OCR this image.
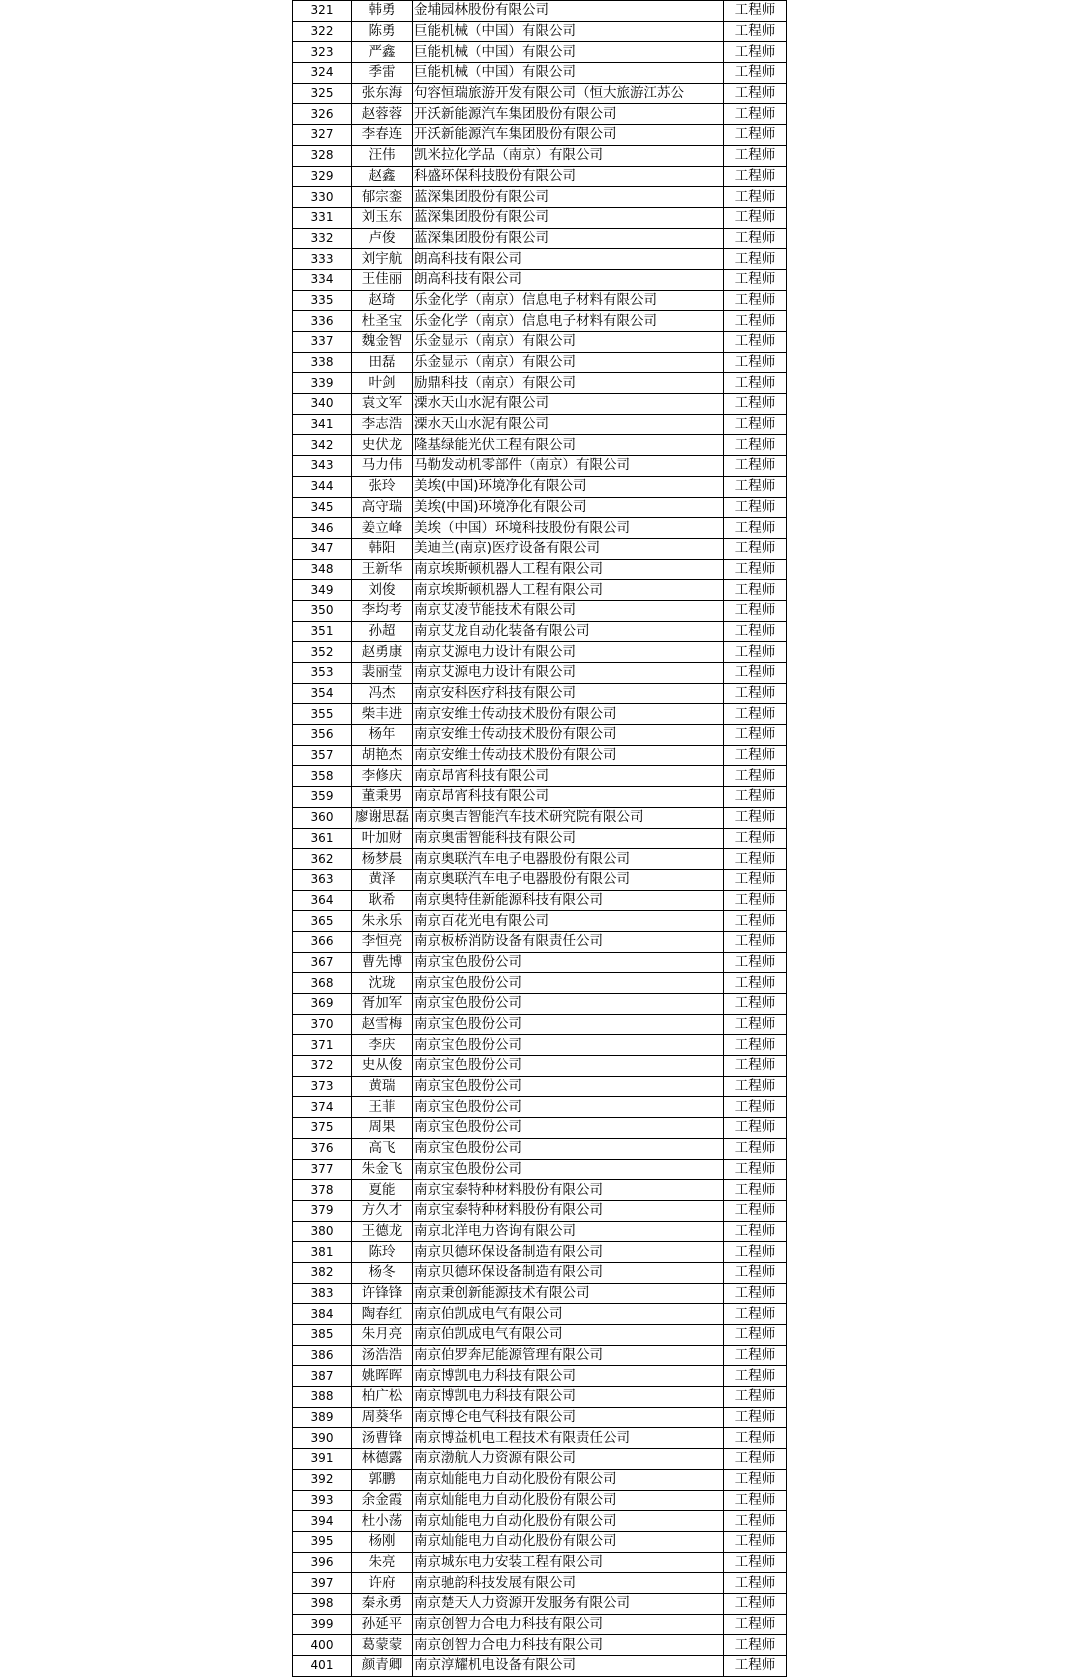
321	韩勇	金埔园林股份有限公司	工程师
322	陈勇	巨能机械（中国）有限公司	工程师
323	严鑫	巨能机械（中国）有限公司	工程师
324	季雷	巨能机械（中国）有限公司	工程师
325	张东海	句容恒瑞旅游开发有限公司（恒大旅游江苏公	工程师
326	赵蓉蓉	开沃新能源汽车集团股份有限公司	工程师
327	李春连	开沃新能源汽车集团股份有限公司	工程师
328	汪伟	凯米拉化学品（南京）有限公司	工程师
329	赵鑫	科盛环保科技股份有限公司	工程师
330	郁宗銮	蓝深集团股份有限公司	工程师
331	刘玉东	蓝深集团股份有限公司	工程师
332	卢俊	蓝深集团股份有限公司	工程师
333	刘宇航	朗高科技有限公司	工程师
334	王佳丽	朗高科技有限公司	工程师
335	赵琦	乐金化学（南京）信息电子材料有限公司	工程师
336	杜圣宝	乐金化学（南京）信息电子材料有限公司	工程师
337	魏金智	乐金显示（南京）有限公司	工程师
338	田磊	乐金显示（南京）有限公司	工程师
339	叶剑	励鼎科技（南京）有限公司	工程师
340	袁文军	溧水天山水泥有限公司	工程师
341	李志浩	溧水天山水泥有限公司	工程师
342	史伏龙	隆基绿能光伏工程有限公司	工程师
343	马力伟	马勒发动机零部件（南京）有限公司	工程师
344	张玲	美埃(中国)环境净化有限公司	工程师
345	高守瑞	美埃(中国)环境净化有限公司	工程师
346	姜立峰	美埃（中国）环境科技股份有限公司	工程师
347	韩阳	美迪兰(南京)医疗设备有限公司	工程师
348	王新华	南京埃斯顿机器人工程有限公司	工程师
349	刘俊	南京埃斯顿机器人工程有限公司	工程师
350	李均考	南京艾凌节能技术有限公司	工程师
351	孙超	南京艾龙自动化装备有限公司	工程师
352	赵勇康	南京艾源电力设计有限公司	工程师
353	裴丽莹	南京艾源电力设计有限公司	工程师
354	冯杰	南京安科医疗科技有限公司	工程师
355	柴丰进	南京安维士传动技术股份有限公司	工程师
356	杨年	南京安维士传动技术股份有限公司	工程师
357	胡艳杰	南京安维士传动技术股份有限公司	工程师
358	李修庆	南京昂宵科技有限公司	工程师
359	董秉男	南京昂宵科技有限公司	工程师
360	廖谢思磊	南京奥吉智能汽车技术研究院有限公司	工程师
361	叶加财	南京奥雷智能科技有限公司	工程师
362	杨梦晨	南京奥联汽车电子电器股份有限公司	工程师
363	黄泽	南京奥联汽车电子电器股份有限公司	工程师
364	耿希	南京奥特佳新能源科技有限公司	工程师
365	朱永乐	南京百花光电有限公司	工程师
366	李恒亮	南京板桥消防设备有限责任公司	工程师
367	曹先博	南京宝色股份公司	工程师
368	沈珑	南京宝色股份公司	工程师
369	胥加军	南京宝色股份公司	工程师
370	赵雪梅	南京宝色股份公司	工程师
371	李庆	南京宝色股份公司	工程师
372	史从俊	南京宝色股份公司	工程师
373	黄瑞	南京宝色股份公司	工程师
374	王菲	南京宝色股份公司	工程师
375	周果	南京宝色股份公司	工程师
376	高飞	南京宝色股份公司	工程师
377	朱金飞	南京宝色股份公司	工程师
378	夏能	南京宝泰特种材料股份有限公司	工程师
379	方久才	南京宝泰特种材料股份有限公司	工程师
380	王德龙	南京北洋电力咨询有限公司	工程师
381	陈玲	南京贝德环保设备制造有限公司	工程师
382	杨冬	南京贝德环保设备制造有限公司	工程师
383	许锋锋	南京秉创新能源技术有限公司	工程师
384	陶春红	南京伯凯成电气有限公司	工程师
385	朱月亮	南京伯凯成电气有限公司	工程师
386	汤浩浩	南京伯罗奔尼能源管理有限公司	工程师
387	姚晖晖	南京博凯电力科技有限公司	工程师
388	柏广松	南京博凯电力科技有限公司	工程师
389	周葵华	南京博仑电气科技有限公司	工程师
390	汤曹锋	南京博益机电工程技术有限责任公司	工程师
391	林德露	南京渤航人力资源有限公司	工程师
392	郭鹏	南京灿能电力自动化股份有限公司	工程师
393	余金霞	南京灿能电力自动化股份有限公司	工程师
394	杜小荡	南京灿能电力自动化股份有限公司	工程师
395	杨刚	南京灿能电力自动化股份有限公司	工程师
396	朱亮	南京城东电力安装工程有限公司	工程师
397	许府	南京驰韵科技发展有限公司	工程师
398	秦永勇	南京楚天人力资源开发服务有限公司	工程师
399	孙延平	南京创智力合电力科技有限公司	工程师
400	葛蒙蒙	南京创智力合电力科技有限公司	工程师
401	颜青卿	南京淳耀机电设备有限公司	工程师
